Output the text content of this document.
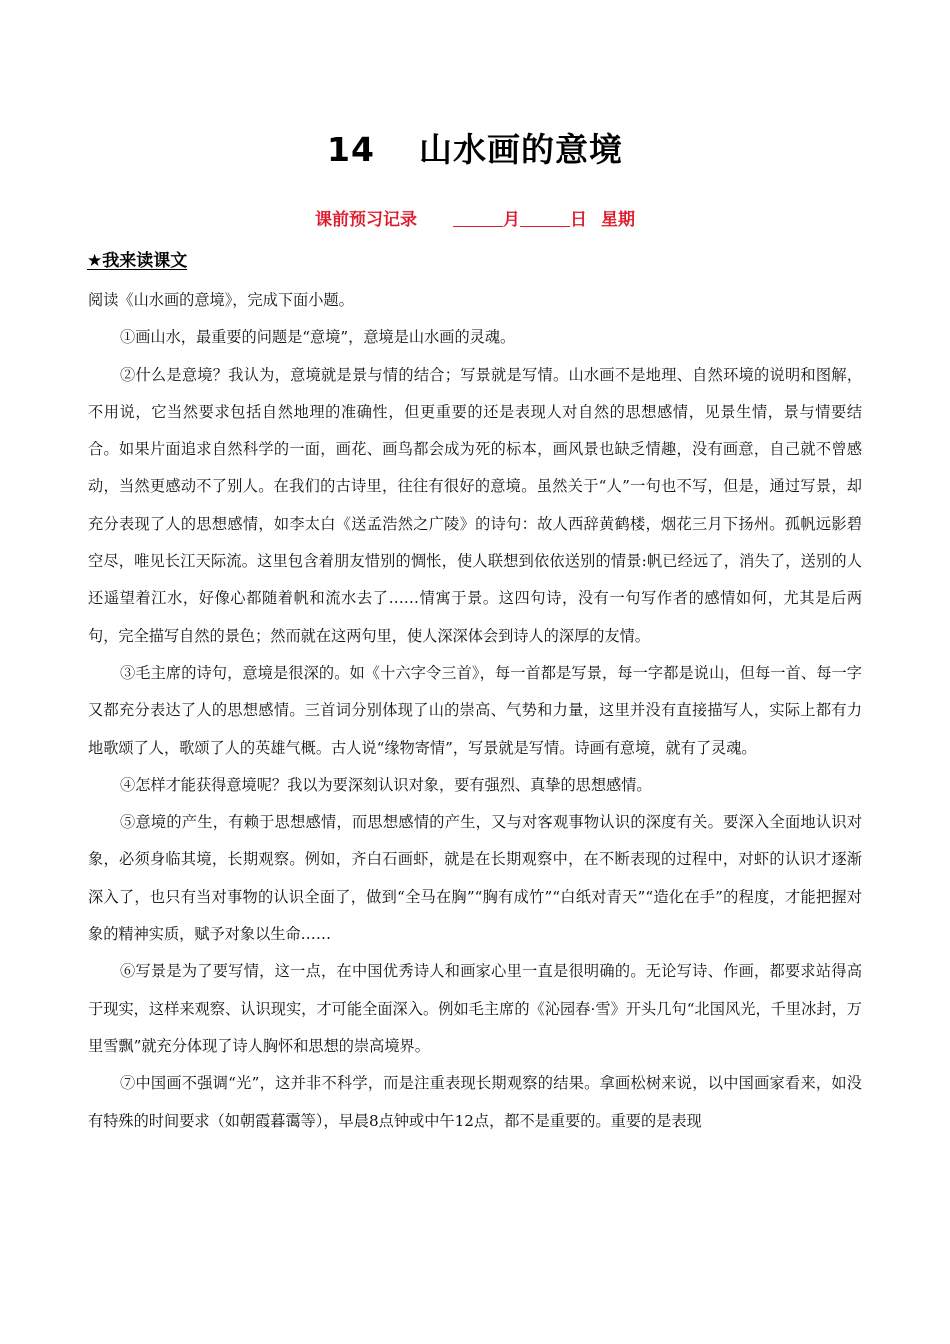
14 山水画的意境
课前预习记录	月	日 星期
★我来读课文

阅读《山水画的意境》，完成下面小题。

①画山水，最重要的问题是“意境”，意境是山水画的灵魂。

②什么是意境？我认为，意境就是景与情的结合；写景就是写情。山水画不是地理、自然环境的说明和图解，不用说，它当然要求包括自然地理的准确性，但更重要的还是表现人对自然的思想感情，见景生情，景与情要结合。如果片面追求自然科学的一面，画花、画鸟都会成为死的标本，画风景也缺乏情趣，没有画意，自己就不曾感动，当然更感动不了别人。在我们的古诗里，往往有很好的意境。虽然关于“人”一句也不写，但是，通过写景，却充分表现了人的思想感情，如李太白《送孟浩然之广陵》的诗句：故人西辞黄鹤楼，烟花三月下扬州。孤帆远影碧空尽，唯见长江天际流。这里包含着朋友惜别的惆怅，使人联想到依依送别的情景:帆已经远了，消失了，送别的人还遥望着江水，好像心都随着帆和流水去了……情寓于景。这四句诗，没有一句写作者的感情如何，尤其是后两句，完全描写自然的景色；然而就在这两句里，使人深深体会到诗人的深厚的友情。

③毛主席的诗句，意境是很深的。如《十六字令三首》，每一首都是写景，每一字都是说山，但每一首、每一字又都充分表达了人的思想感情。三首词分别体现了山的崇高、气势和力量，这里并没有直接描写人，实际上都有力地歌颂了人，歌颂了人的英雄气概。古人说“缘物寄情”，写景就是写情。诗画有意境，就有了灵魂。

④怎样才能获得意境呢？我以为要深刻认识对象，要有强烈、真挚的思想感情。

⑤意境的产生，有赖于思想感情，而思想感情的产生，又与对客观事物认识的深度有关。要深入全面地认识对象，必须身临其境，长期观察。例如，齐白石画虾，就是在长期观察中，在不断表现的过程中，对虾的认识才逐渐深入了，也只有当对事物的认识全面了，做到“全马在胸”“胸有成竹”“白纸对青天”“造化在手”的程度，才能把握对象的精神实质，赋予对象以生命……

⑥写景是为了要写情，这一点，在中国优秀诗人和画家心里一直是很明确的。无论写诗、作画，都要求站得高于现实，这样来观察、认识现实，才可能全面深入。例如毛主席的《沁园春·雪》开头几句“北国风光，千里冰封，万里雪飘”就充分体现了诗人胸怀和思想的崇高境界。

⑦中国画不强调“光”，这并非不科学，而是注重表现长期观察的结果。拿画松树来说，以中国画家看来，如没有特殊的时间要求（如朝霞暮霭等），早晨8点钟或中午12点，都不是重要的。重要的是表现
